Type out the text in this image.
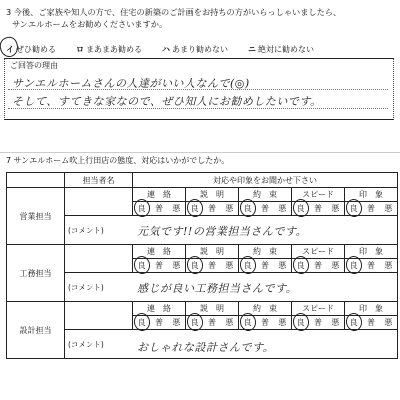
3 今後、ご家族や知人の方で、住宅の新築のご計画をお持ちの方がいらっしゃいましたら、
サンエルホームをお勧めくださいますか。
イ ぜひ勧める	ロ まあまあ勧める	ハ あまり勧めない	ニ 絶対に勧めない
ご回答の理由
サンエルホームさんの人達がいい人なんで(◎)
そして、すてきな家なので、ぜひ知人にお勧めしたいです。
7 サンエルホーム吹上行田店の態度、対応はいかがでしたか。
	担当者名	対応や印象をお聞かせ下さい				
営業担当		連　絡	説　明	約　束	スピード	印　象

		良 普 悪	良 普 悪	良 普 悪	良 普 悪	良 普 悪

	(コメント) 元気です!!の営業担当さんです。					

工務担当		連　絡	説　明	約　束	スピード	印　象

		良 普 悪	良 普 悪	良 普 悪	良 普 悪	良 普 悪

	(コメント) 感じが良い工務担当さんです。					

設計担当		連　絡	説　明	約　束	スピード	印　象

		良 普 悪	良 普 悪	良 普 悪	良 普 悪	良 普 悪

	(コメント) おしゃれな設計さんです。					
